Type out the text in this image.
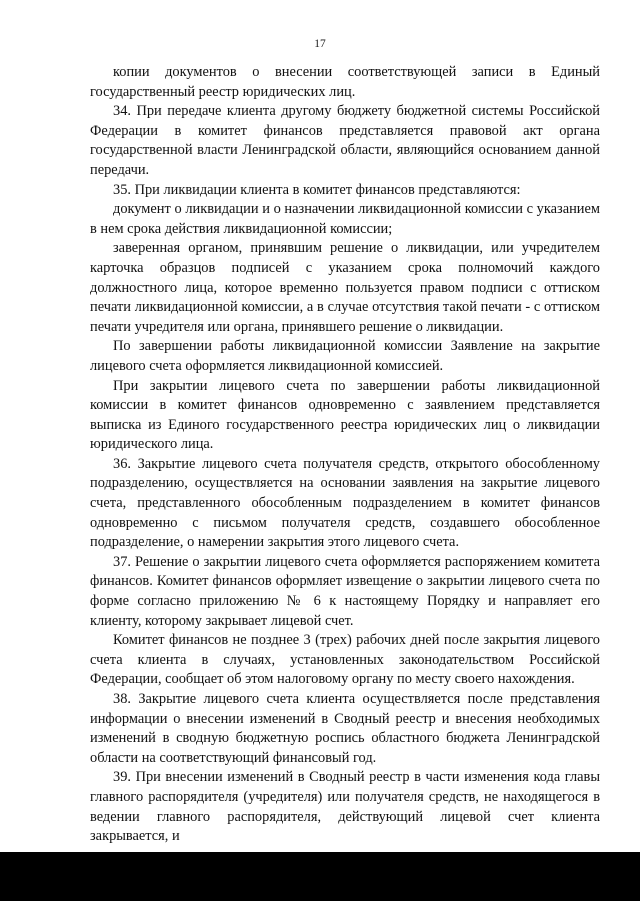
17

копии документов о внесении соответствующей записи в Единый государственный реестр юридических лиц.

34. При передаче клиента другому бюджету бюджетной системы Российской Федерации в комитет финансов представляется правовой акт органа государственной власти Ленинградской области, являющийся основанием данной передачи.

35. При ликвидации клиента в комитет финансов представляются:

документ о ликвидации и о назначении ликвидационной комиссии с указанием в нем срока действия ликвидационной комиссии;

заверенная органом, принявшим решение о ликвидации, или учредителем карточка образцов подписей с указанием срока полномочий каждого должностного лица, которое временно пользуется правом подписи с оттиском печати ликвидационной комиссии, а в случае отсутствия такой печати - с оттиском печати учредителя или органа, принявшего решение о ликвидации.

По завершении работы ликвидационной комиссии Заявление на закрытие лицевого счета оформляется ликвидационной комиссией.

При закрытии лицевого счета по завершении работы ликвидационной комиссии в комитет финансов одновременно с заявлением представляется выписка из Единого государственного реестра юридических лиц о ликвидации юридического лица.

36. Закрытие лицевого счета получателя средств, открытого обособленному подразделению, осуществляется на основании заявления на закрытие лицевого счета, представленного обособленным подразделением в комитет финансов одновременно с письмом получателя средств, создавшего обособленное подразделение, о намерении закрытия этого лицевого счета.

37. Решение о закрытии лицевого счета оформляется распоряжением комитета финансов. Комитет финансов оформляет извещение о закрытии лицевого счета по форме согласно приложению № 6 к настоящему Порядку и направляет его клиенту, которому закрывает лицевой счет.

Комитет финансов не позднее 3 (трех) рабочих дней после закрытия лицевого счета клиента в случаях, установленных законодательством Российской Федерации, сообщает об этом налоговому органу по месту своего нахождения.

38. Закрытие лицевого счета клиента осуществляется после представления информации о внесении изменений в Сводный реестр и внесения необходимых изменений в сводную бюджетную роспись областного бюджета Ленинградской области на соответствующий финансовый год.

39. При внесении изменений в Сводный реестр в части изменения кода главы главного распорядителя (учредителя) или получателя средств, не находящегося в ведении главного распорядителя, действующий лицевой счет клиента закрывается, и
